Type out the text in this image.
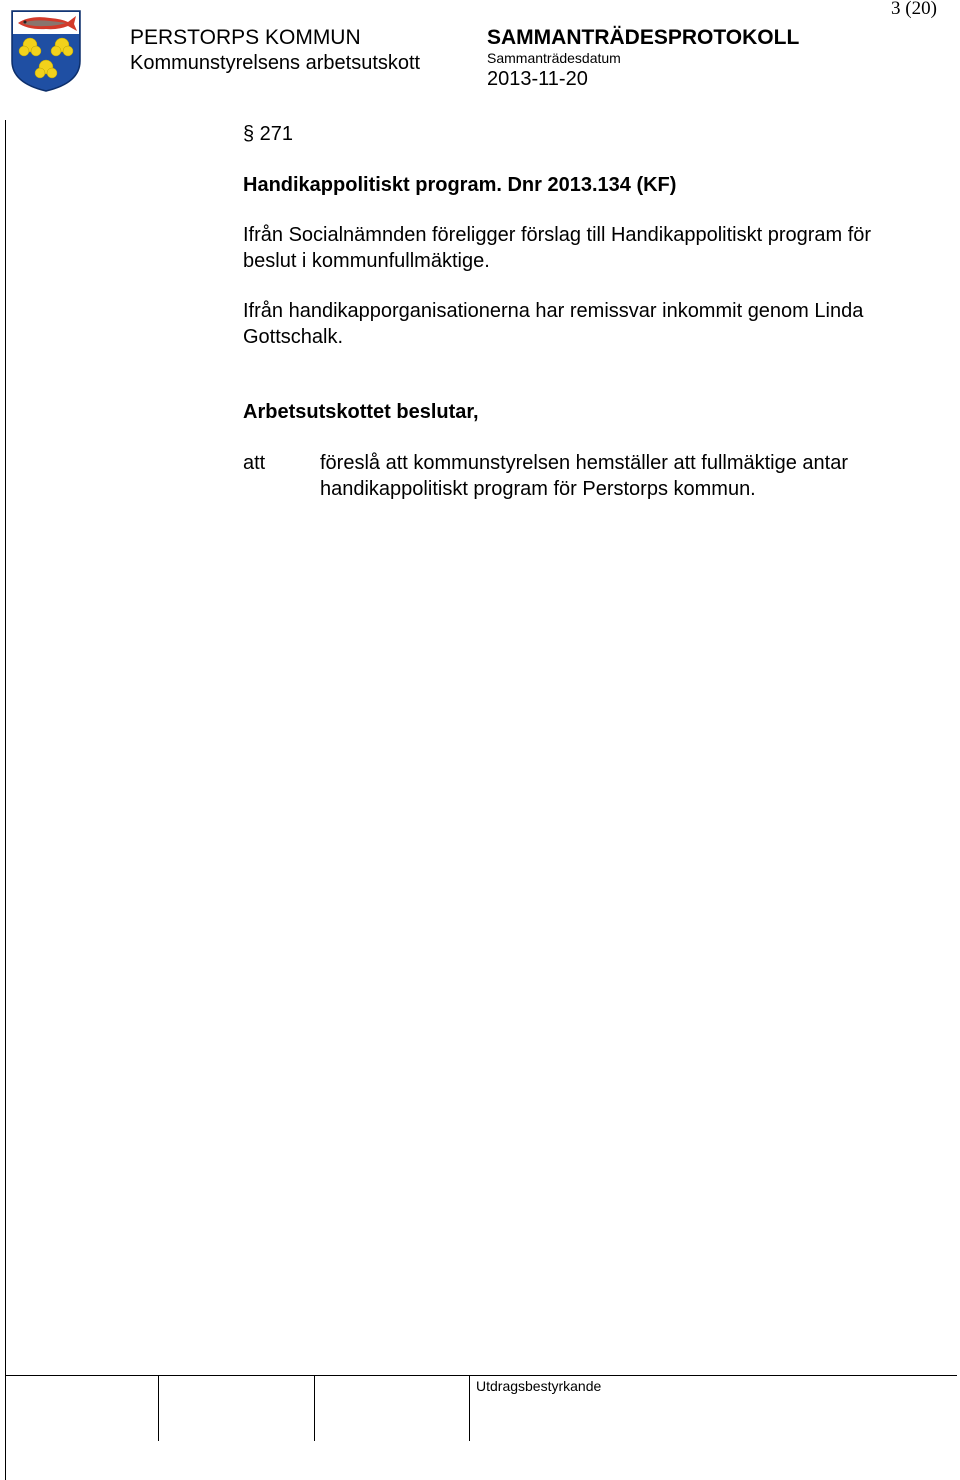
PERSTORPS KOMMUN
Kommunstyrelsens arbetsutskott
SAMMANTRÄDESPROTOKOLL
Sammanträdesdatum
2013-11-20
3 (20)
§ 271
Handikappolitiskt program. Dnr 2013.134 (KF)
Ifrån Socialnämnden föreligger förslag till Handikappolitiskt program för beslut i kommunfullmäktige.
Ifrån handikapporganisationerna har remissvar inkommit genom Linda Gottschalk.
Arbetsutskottet beslutar,
att	föreslå att kommunstyrelsen hemställer att fullmäktige antar handikappolitiskt program för Perstorps kommun.
Utdragsbestyrkande
